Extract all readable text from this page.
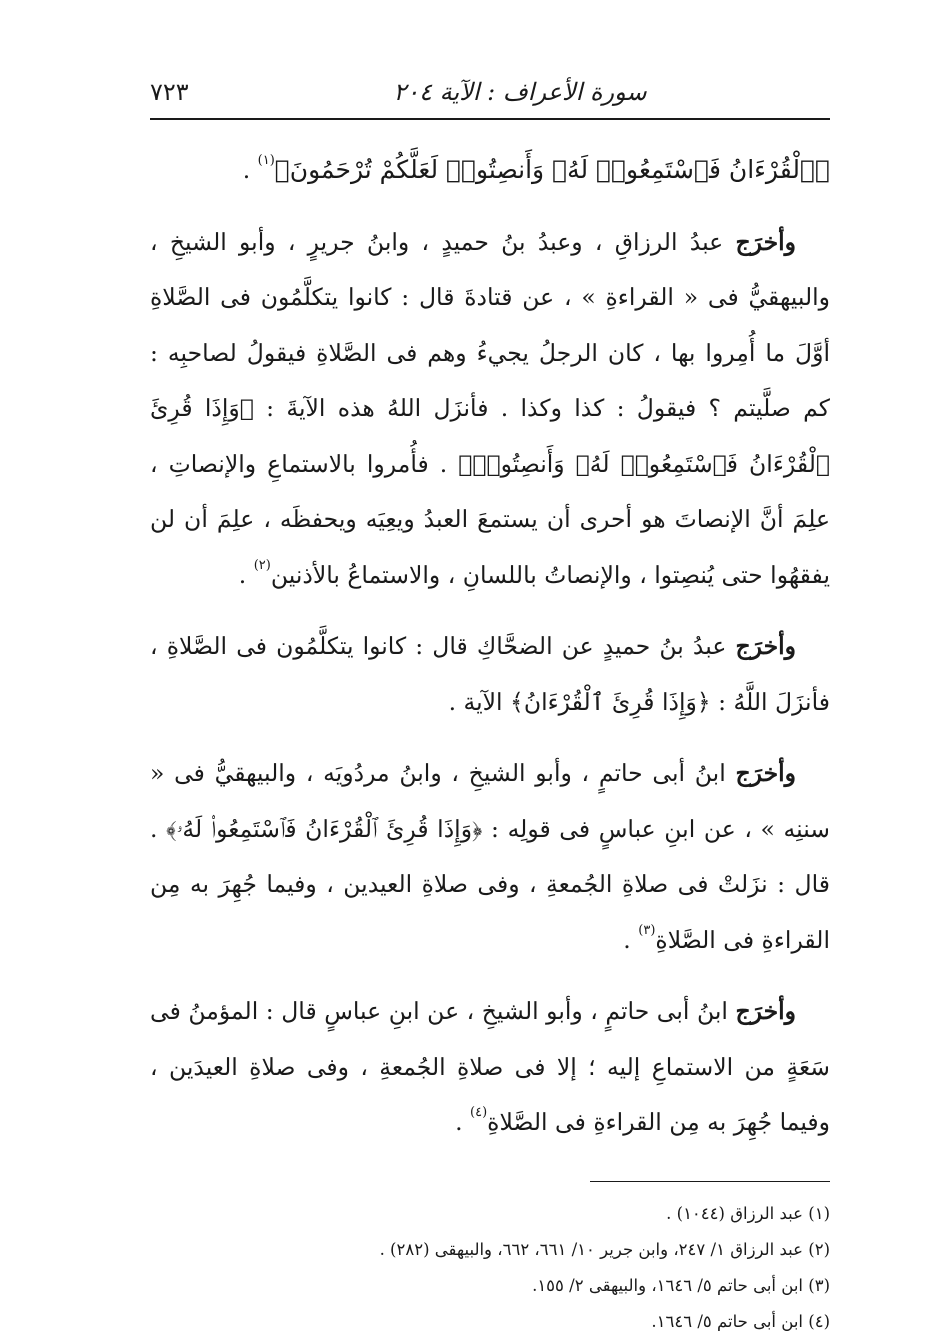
سورة الأعراف : الآية ٢٠٤
٧٢٣

﴿ٱلْقُرْءَانُ فَٱسْتَمِعُوا۟ لَهُۥ وَأَنصِتُوا۟ لَعَلَّكُمْ تُرْحَمُونَ﴾$^{(١)}$ .

وأخرَج عبدُ الرزاقِ ، وعبدُ بنُ حميدٍ ، وابنُ جريرٍ ، وأبو الشيخِ ، والبيهقيُّ فى « القراءةِ » ، عن قتادةَ قال : كانوا يتكلَّمُون فى الصَّلاةِ أوَّلَ ما أُمِروا بها ، كان الرجلُ يجيءُ وهم فى الصَّلاةِ فيقولُ لصاحبِه : كم صلَّيتم ؟ فيقولُ : كذا وكذا . فأنزَل اللهُ هذه الآيةَ : ﴿وَإِذَا قُرِئَ ٱلْقُرْءَانُ فَٱسْتَمِعُوا۟ لَهُۥ وَأَنصِتُوا۟﴾ . فأُمروا بالاستماعِ والإنصاتِ ، علِمَ أنَّ الإنصاتَ هو أحرى أن يستمعَ العبدُ ويعِيَه ويحفظَه ، علِمَ أن لن يفقهُوا حتى يُنصِتوا ، والإنصاتُ باللسانِ ، والاستماعُ بالأذنين$^{(٢)}$ .

وأخرَج عبدُ بنُ حميدٍ عن الضحَّاكِ قال : كانوا يتكلَّمُون فى الصَّلاةِ ، فأنزَلَ اللَّهُ : ﴿وَإِذَا قُرِئَ ٱلْقُرْءَانُ﴾ الآية .

وأخرَج ابنُ أبى حاتمٍ ، وأبو الشيخِ ، وابنُ مردُويَه ، والبيهقيُّ فى « سننِه » ، عن ابنِ عباسٍ فى قولِه : ﴿وَإِذَا قُرِئَ ٱلْقُرْءَانُ فَٱسْتَمِعُوا۟ لَهُۥ﴾ . قال : نزَلتْ فى صلاةِ الجُمعةِ ، وفى صلاةِ العيدين ، وفيما جُهِرَ به مِن القراءةِ فى الصَّلاةِ$^{(٣)}$ .

وأخرَج ابنُ أبى حاتمٍ ، وأبو الشيخِ ، عن ابنِ عباسٍ قال : المؤمنُ فى سَعَةٍ من الاستماعِ إليه ؛ إلا فى صلاةِ الجُمعةِ ، وفى صلاةِ العيدَين ، وفيما جُهِرَ به مِن القراءةِ فى الصَّلاةِ$^{(٤)}$ .

(١) عبد الرزاق (١٠٤٤) .

(٢) عبد الرزاق ١/ ٢٤٧، وابن جرير ١٠/ ٦٦١، ٦٦٢، والبيهقى (٢٨٢) .

(٣) ابن أبى حاتم ٥/ ١٦٤٦، والبيهقى ٢/ ١٥٥.

(٤) ابن أبى حاتم ٥/ ١٦٤٦.
